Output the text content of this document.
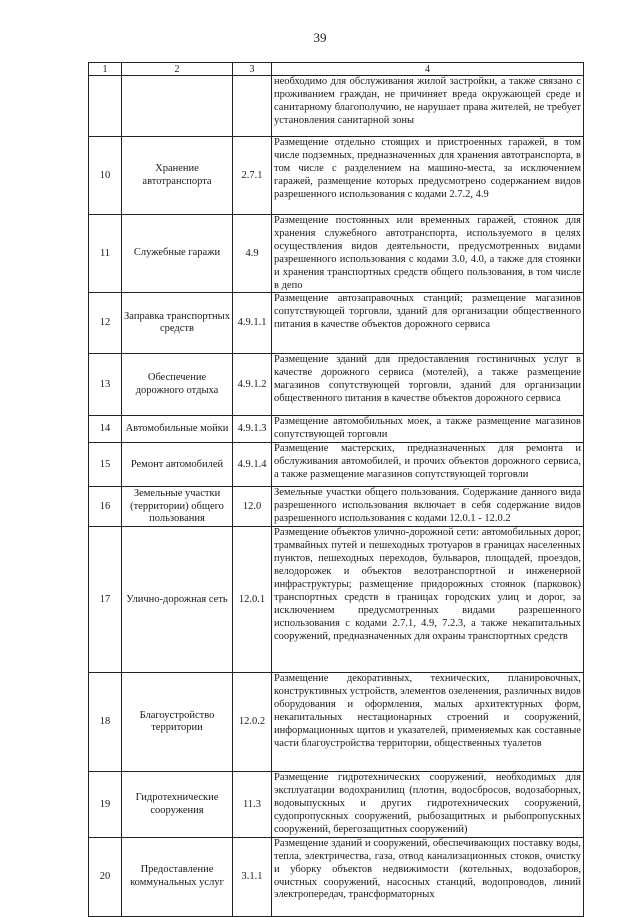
39
1	2	3	4
			необходимо для обслуживания жилой застройки, а также связано с проживанием граждан, не причиняет вреда окружающей среде и санитарному благополучию, не нарушает права жителей, не требует установления санитарной зоны
10	Хранение автотранспорта	2.7.1	Размещение отдельно стоящих и пристроенных гаражей, в том числе подземных, предназначенных для хранения автотранспорта, в том числе с разделением на машино-места, за исключением гаражей, размещение которых предусмотрено содержанием видов разрешенного использования с кодами 2.7.2, 4.9
11	Служебные гаражи	4.9	Размещение постоянных или временных гаражей, стоянок для хранения служебного автотранспорта, используемого в целях осуществления видов деятельности, предусмотренных видами разрешенного использования с кодами 3.0, 4.0, а также для стоянки и хранения транспортных средств общего пользования, в том числе в депо
12	Заправка транспортных средств	4.9.1.1	Размещение автозаправочных станций; размещение магазинов сопутствующей торговли, зданий для организации общественного питания в качестве объектов дорожного сервиса
13	Обеспечение дорожного отдыха	4.9.1.2	Размещение зданий для предоставления гостиничных услуг в качестве дорожного сервиса (мотелей), а также размещение магазинов сопутствующей торговли, зданий для организации общественного питания в качестве объектов дорожного сервиса
14	Автомобильные мойки	4.9.1.3	Размещение автомобильных моек, а также размещение магазинов сопутствующей торговли
15	Ремонт автомобилей	4.9.1.4	Размещение мастерских, предназначенных для ремонта и обслуживания автомобилей, и прочих объектов дорожного сервиса, а также размещение магазинов сопутствующей торговли
16	Земельные участки (территории) общего пользования	12.0	Земельные участки общего пользования. Содержание данного вида разрешенного использования включает в себя содержание видов разрешенного использования с кодами 12.0.1 - 12.0.2
17	Улично-дорожная сеть	12.0.1	Размещение объектов улично-дорожной сети: автомобильных дорог, трамвайных путей и пешеходных тротуаров в границах населенных пунктов, пешеходных переходов, бульваров, площадей, проездов, велодорожек и объектов велотранспортной и инженерной инфраструктуры; размещение придорожных стоянок (парковок) транспортных средств в границах городских улиц и дорог, за исключением предусмотренных видами разрешенного использования с кодами 2.7.1, 4.9, 7.2.3, а также некапитальных сооружений, предназначенных для охраны транспортных средств
18	Благоустройство территории	12.0.2	Размещение декоративных, технических, планировочных, конструктивных устройств, элементов озеленения, различных видов оборудования и оформления, малых архитектурных форм, некапитальных нестационарных строений и сооружений, информационных щитов и указателей, применяемых как составные части благоустройства территории, общественных туалетов
19	Гидротехнические сооружения	11.3	Размещение гидротехнических сооружений, необходимых для эксплуатации водохранилищ (плотин, водосбросов, водозаборных, водовыпускных и других гидротехнических сооружений, судопропускных сооружений, рыбозащитных и рыбопропускных сооружений, берегозащитных сооружений)
20	Предоставление коммунальных услуг	3.1.1	Размещение зданий и сооружений, обеспечивающих поставку воды, тепла, электричества, газа, отвод канализационных стоков, очистку и уборку объектов недвижимости (котельных, водозаборов, очистных сооружений, насосных станций, водопроводов, линий электропередач, трансформаторных
